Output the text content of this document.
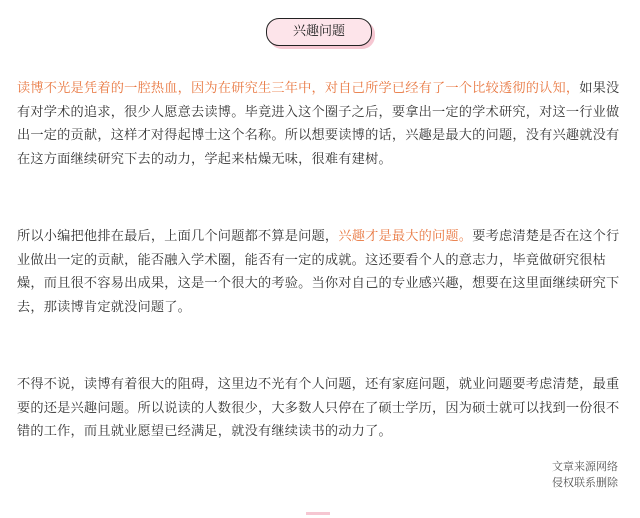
兴趣问题

读博不光是凭着的一腔热血，因为在研究生三年中，对自己所学已经有了一个比较透彻的认知，如果没有对学术的追求，很少人愿意去读博。毕竟进入这个圈子之后，要拿出一定的学术研究，对这一行业做出一定的贡献，这样才对得起博士这个名称。所以想要读博的话，兴趣是最大的问题，没有兴趣就没有在这方面继续研究下去的动力，学起来枯燥无味，很难有建树。

所以小编把他排在最后，上面几个问题都不算是问题，兴趣才是最大的问题。要考虑清楚是否在这个行业做出一定的贡献，能否融入学术圈，能否有一定的成就。这还要看个人的意志力，毕竟做研究很枯燥，而且很不容易出成果，这是一个很大的考验。当你对自己的专业感兴趣，想要在这里面继续研究下去，那读博肯定就没问题了。

不得不说，读博有着很大的阻碍，这里边不光有个人问题，还有家庭问题，就业问题要考虑清楚，最重要的还是兴趣问题。所以说读的人数很少，大多数人只停在了硕士学历，因为硕士就可以找到一份很不错的工作，而且就业愿望已经满足，就没有继续读书的动力了。

文章来源网络
侵权联系删除
